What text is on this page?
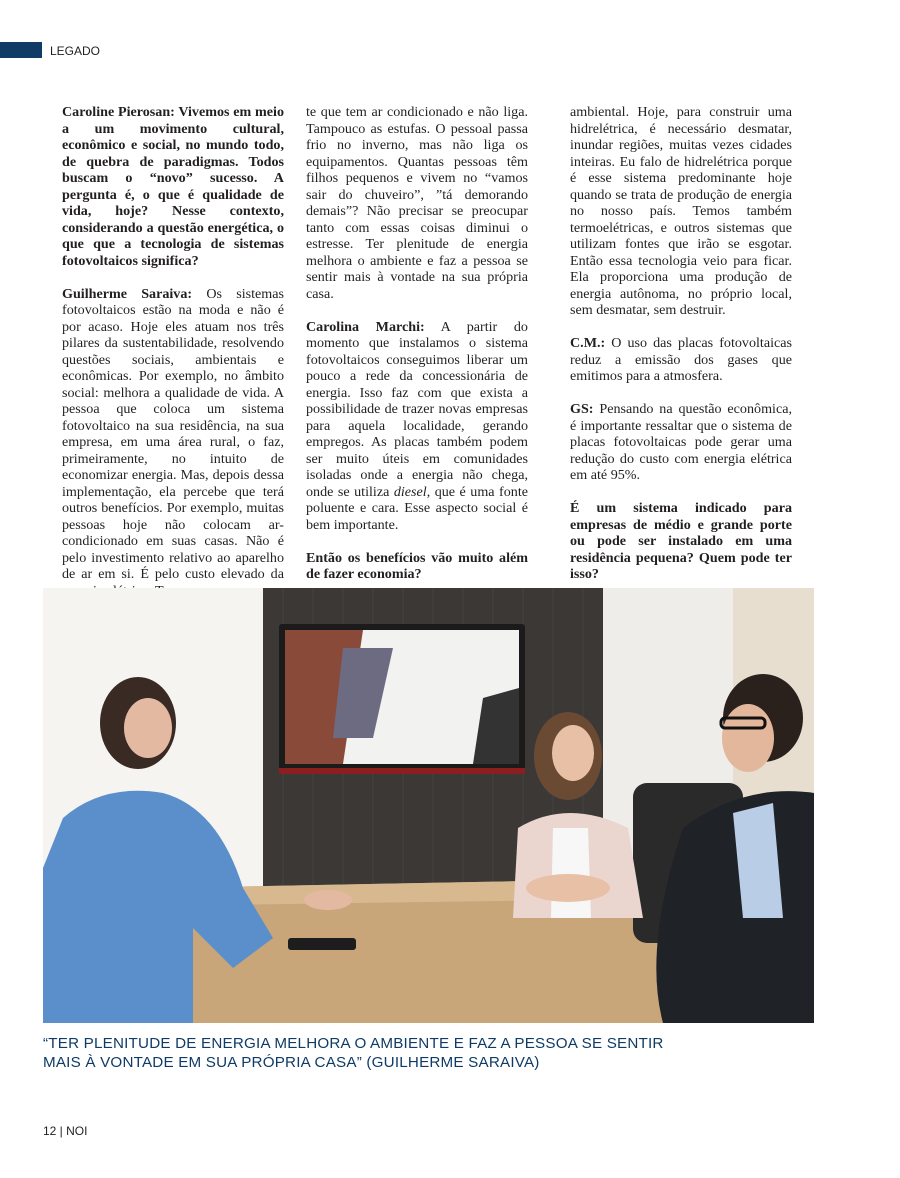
LEGADO

Caroline Pierosan: Vivemos em meio a um movimento cultural, econômico e social, no mundo todo, de quebra de paradigmas. Todos buscam o “novo” sucesso. A pergunta é, o que é qualidade de vida, hoje? Nesse contexto, considerando a questão energética, o que que a tecnologia de sistemas fotovoltaicos significa?

Guilherme Saraiva: Os sistemas fotovoltaicos estão na moda e não é por acaso. Hoje eles atuam nos três pilares da sustentabilidade, resolvendo questões sociais, ambientais e econômicas. Por exemplo, no âmbito social: melhora a qualidade de vida. A pessoa que coloca um sistema fotovoltaico na sua residência, na sua empresa, em uma área rural, o faz, primeiramente, no intuito de economizar energia. Mas, depois dessa implementação, ela percebe que terá outros benefícios. Por exemplo, muitas pessoas hoje não colocam ar-condicionado em suas casas. Não é pelo investimento relativo ao aparelho de ar em si. É pelo custo elevado da

te que tem ar condicionado e não liga. Tampouco as estufas. O pessoal passa frio no inverno, mas não liga os equipamentos. Quantas pessoas têm filhos pequenos e vivem no “vamos sair do chuveiro”, ”tá demorando demais”? Não precisar se preocupar tanto com essas coisas diminui o estresse. Ter plenitude de energia melhora o ambiente e faz a pessoa se sentir mais à vontade na sua própria casa.

Carolina Marchi: A partir do momento que instalamos o sistema fotovoltaicos conseguimos liberar um pouco a rede da concessionária de energia. Isso faz com que exista a possibilidade de trazer novas empresas para aquela localidade, gerando empregos. As placas também podem ser muito úteis em comunidades isoladas onde a energia não chega, onde se utiliza diesel, que é uma fonte poluente e cara. Esse aspecto social é bem importante.

Então os benefícios vão muito além de fazer economia?

ambiental. Hoje, para construir uma hidrelétrica, é necessário desmatar, inundar regiões, muitas vezes cidades inteiras. Eu falo de hidrelétrica porque é esse sistema predominante hoje quando se trata de produção de energia no nosso país. Temos também termoelétricas, e outros sistemas que utilizam fontes que irão se esgotar. Então essa tecnologia veio para ficar. Ela proporciona uma produção de energia autônoma, no próprio local, sem desmatar, sem destruir.

C.M.: O uso das placas fotovoltaicas reduz a emissão dos gases que emitimos para a atmosfera.

GS: Pensando na questão econômica, é importante ressaltar que o sistema de placas fotovoltaicas pode gerar uma redução do custo com energia elétrica em até 95%.

É um sistema indicado para empresas de médio e grande porte ou pode ser instalado em uma residência pequena? Quem pode ter isso?

“TER PLENITUDE DE ENERGIA MELHORA O AMBIENTE E FAZ A PESSOA SE SENTIR
MAIS À VONTADE EM SUA PRÓPRIA CASA” (GUILHERME SARAIVA)
12 | NOI
